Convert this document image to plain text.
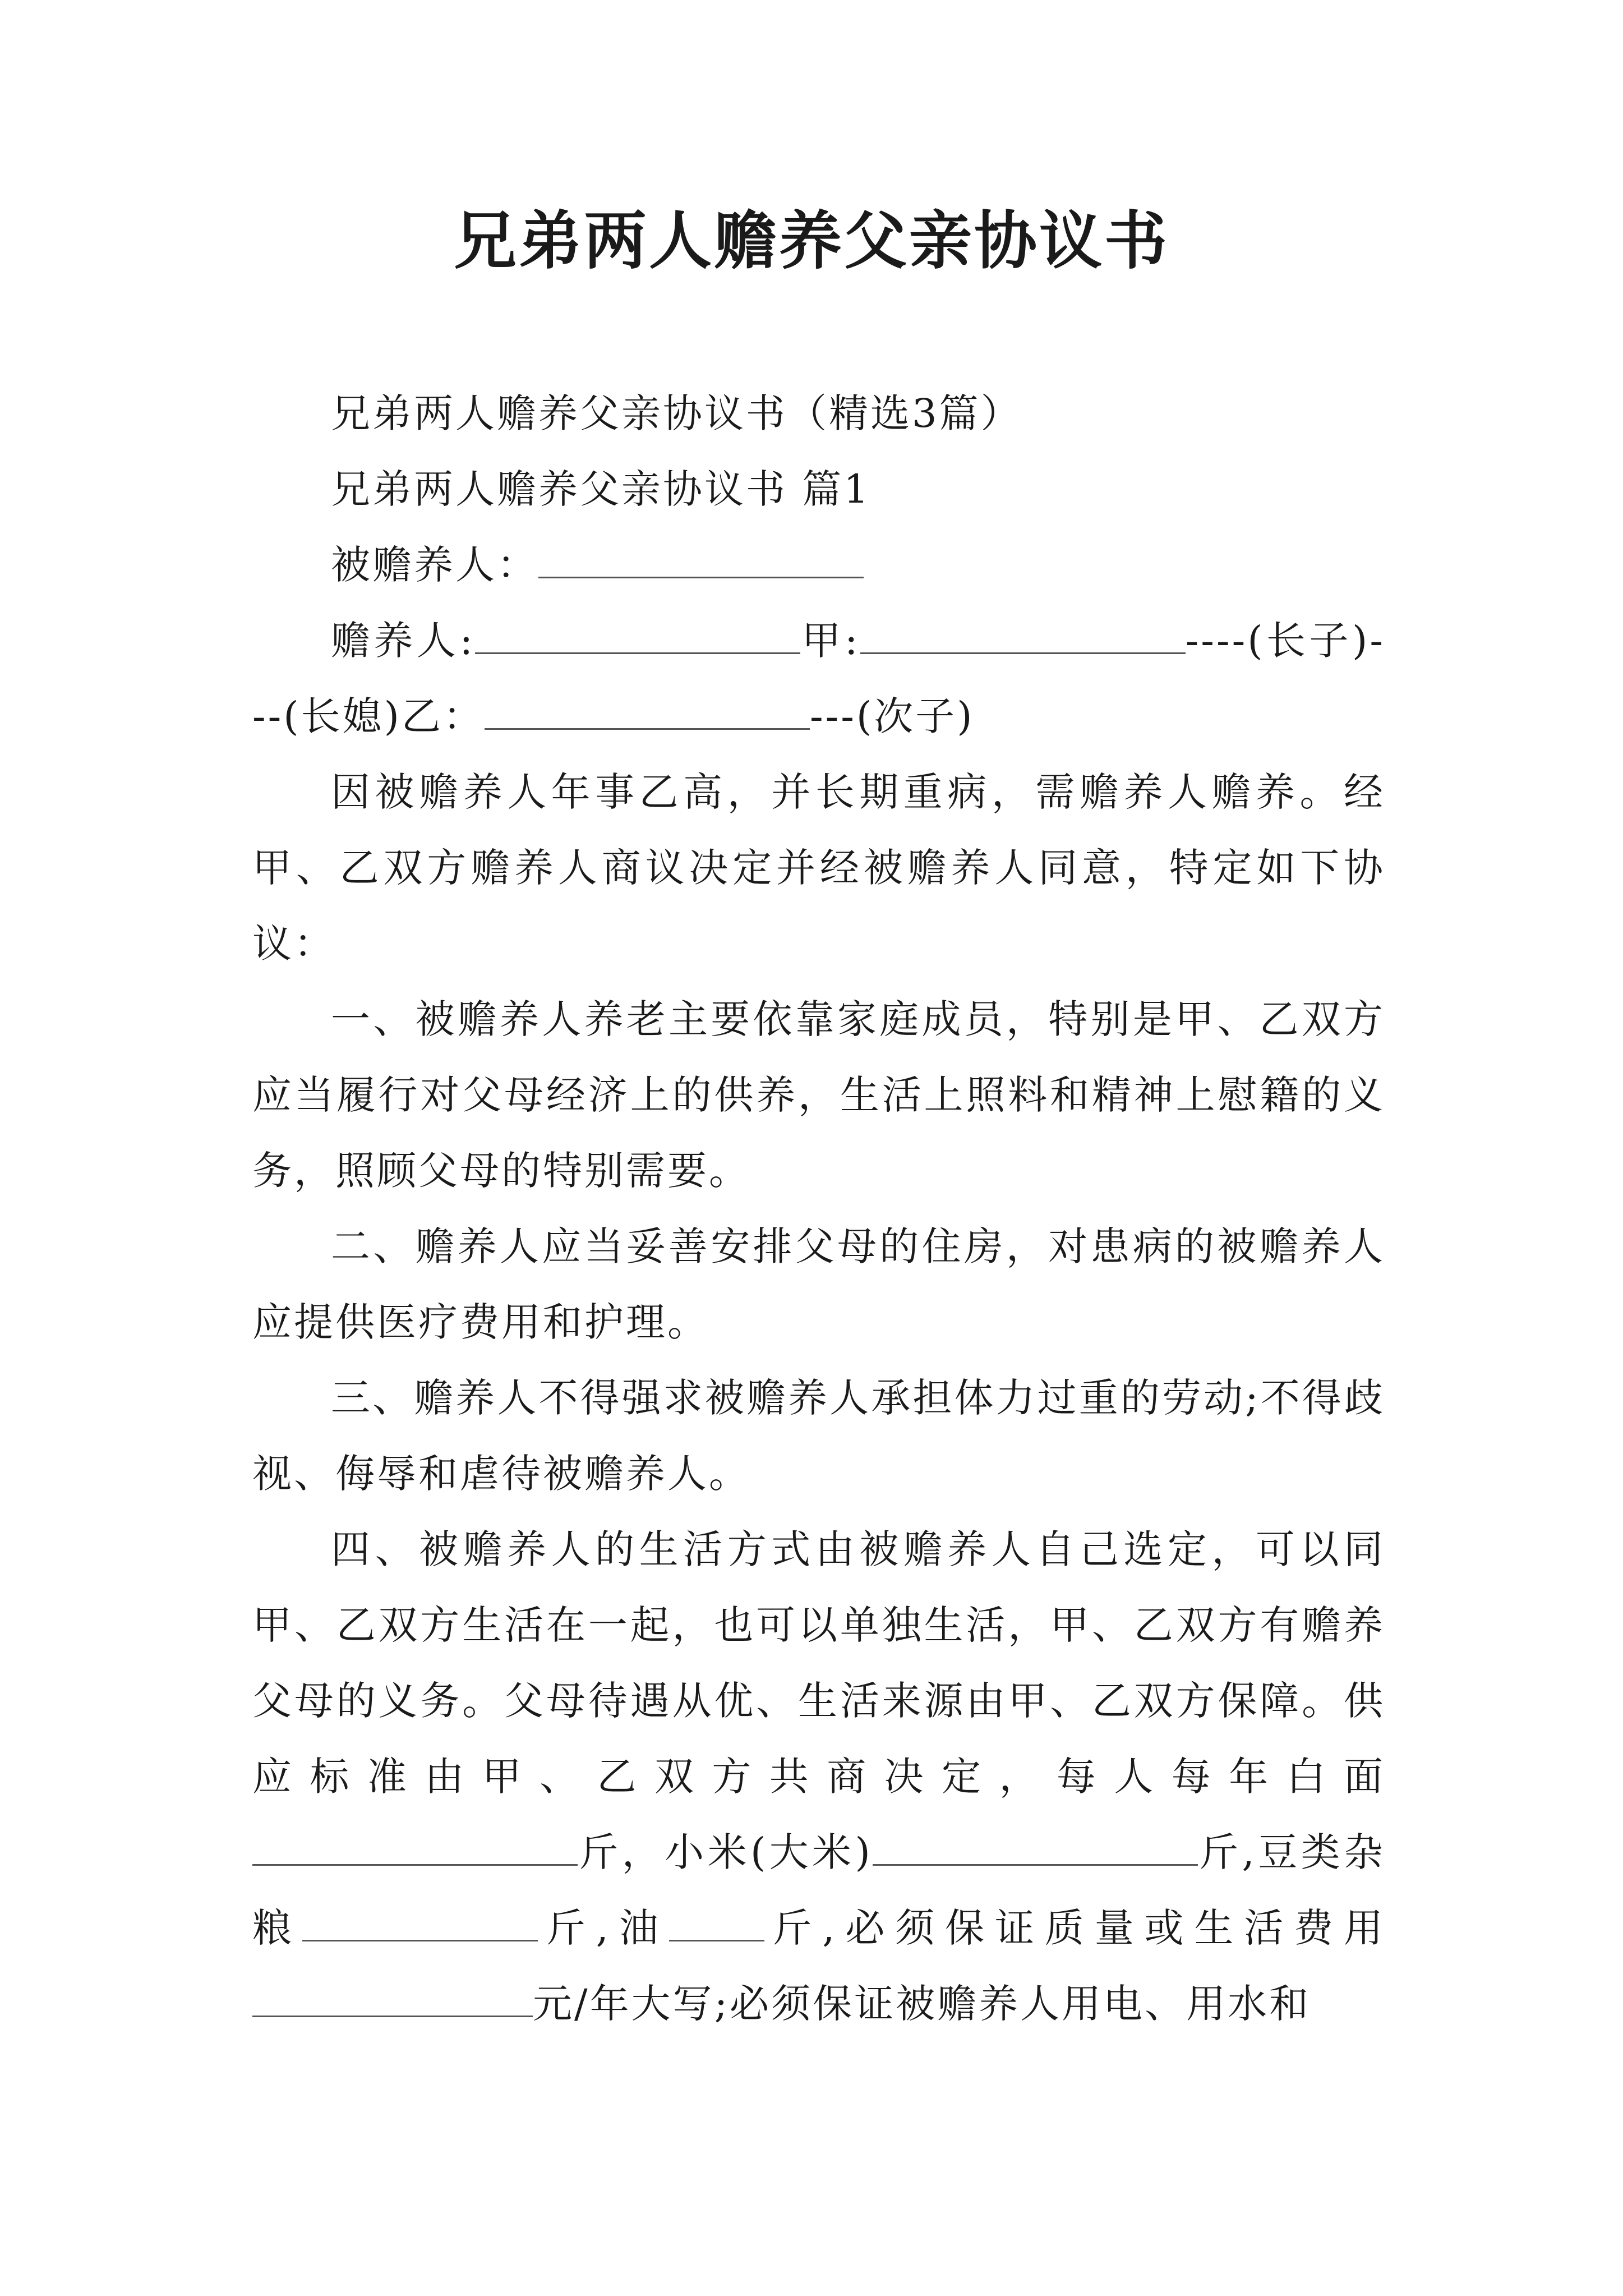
兄弟两人赡养父亲协议书

兄弟两人赡养父亲协议书（精选3篇）

兄弟两人赡养父亲协议书 篇1

被赡养人：

赡养人:	甲:	----(长子)---(长媳)乙：	---(次子)

因被赡养人年事乙高，并长期重病，需赡养人赡养。经甲、乙双方赡养人商议决定并经被赡养人同意，特定如下协议：

一、被赡养人养老主要依靠家庭成员，特别是甲、乙双方应当履行对父母经济上的供养，生活上照料和精神上慰籍的义务，照顾父母的特别需要。

二、赡养人应当妥善安排父母的住房，对患病的被赡养人应提供医疗费用和护理。

三、赡养人不得强求被赡养人承担体力过重的劳动;不得歧视、侮辱和虐待被赡养人。

四、被赡养人的生活方式由被赡养人自己选定，可以同甲、乙双方生活在一起，也可以单独生活，甲、乙双方有赡养父母的义务。父母待遇从优、生活来源由甲、乙双方保障。供应标准由甲、乙双方共商决定，每人每年白面斤，小米(大米)	斤,豆类杂粮	斤,油 斤,必须保证质量或生活费用元/年大写;必须保证被赡养人用电、用水和
